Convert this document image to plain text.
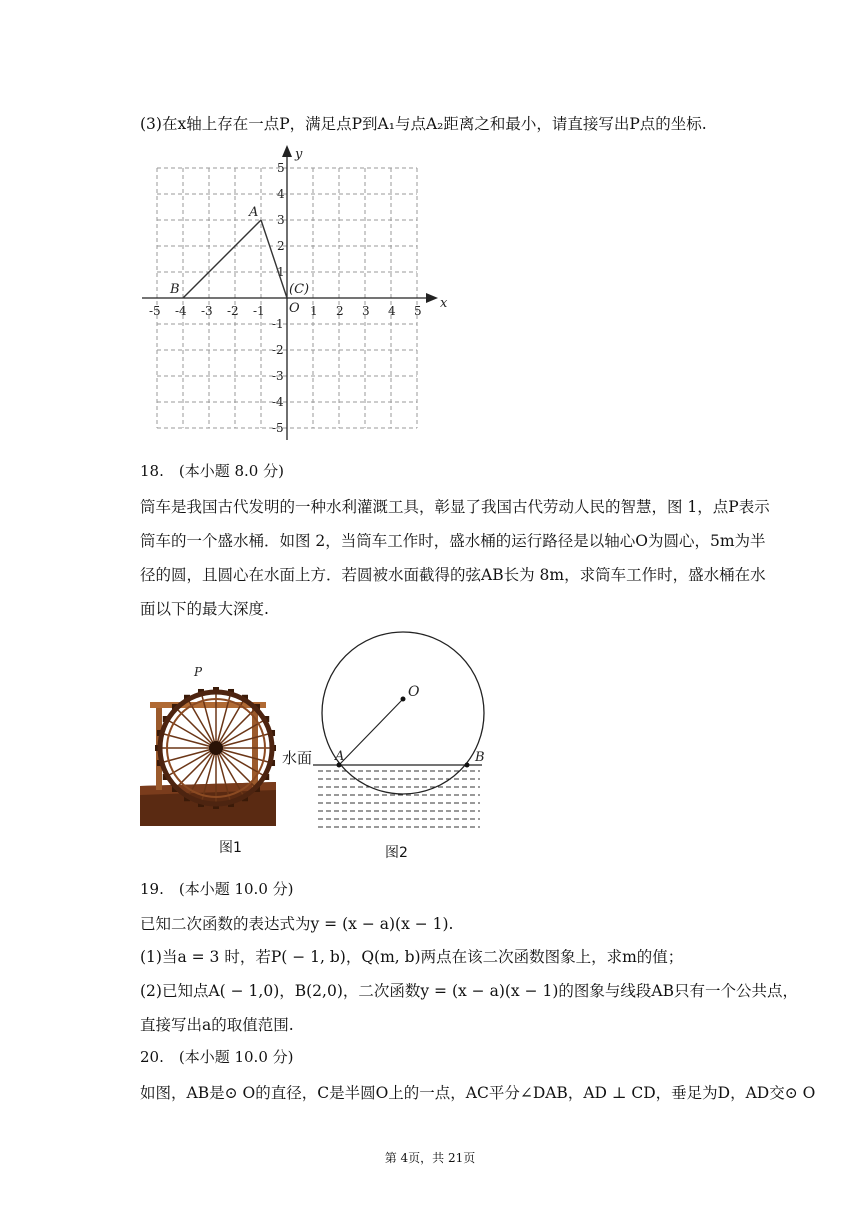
(3)在x轴上存在一点P，满足点P到A₁与点A₂距离之和最小，请直接写出P点的坐标.
-5 -4 -3 -2 -1	1 2 3 4 5
5
4
3
2
1
-1
-2
-3
-4
-5
x
y
A
B	(C)
O
18.　(本小题 8.0 分)
筒车是我国古代发明的一种水利灌溉工具，彰显了我国古代劳动人民的智慧，图 1，点P表示
筒车的一个盛水桶．如图 2，当筒车工作时，盛水桶的运行路径是以轴心O为圆心，5m为半
径的圆，且圆心在水面上方．若圆被水面截得的弦AB长为 8m，求筒车工作时，盛水桶在水
面以下的最大深度.
P
图1
O
A	B
水面
图2
19.　(本小题 10.0 分)
已知二次函数的表达式为y = (x − a)(x − 1).
(1)当a = 3 时，若P( − 1, b)，Q(m, b)两点在该二次函数图象上，求m的值；
(2)已知点A( − 1,0)，B(2,0)，二次函数y = (x − a)(x − 1)的图象与线段AB只有一个公共点，
直接写出a的取值范围.
20.　(本小题 10.0 分)
如图，AB是⊙ O的直径，C是半圆O上的一点，AC平分∠DAB，AD ⊥ CD，垂足为D，AD交⊙ O
第 4页，共 21页
